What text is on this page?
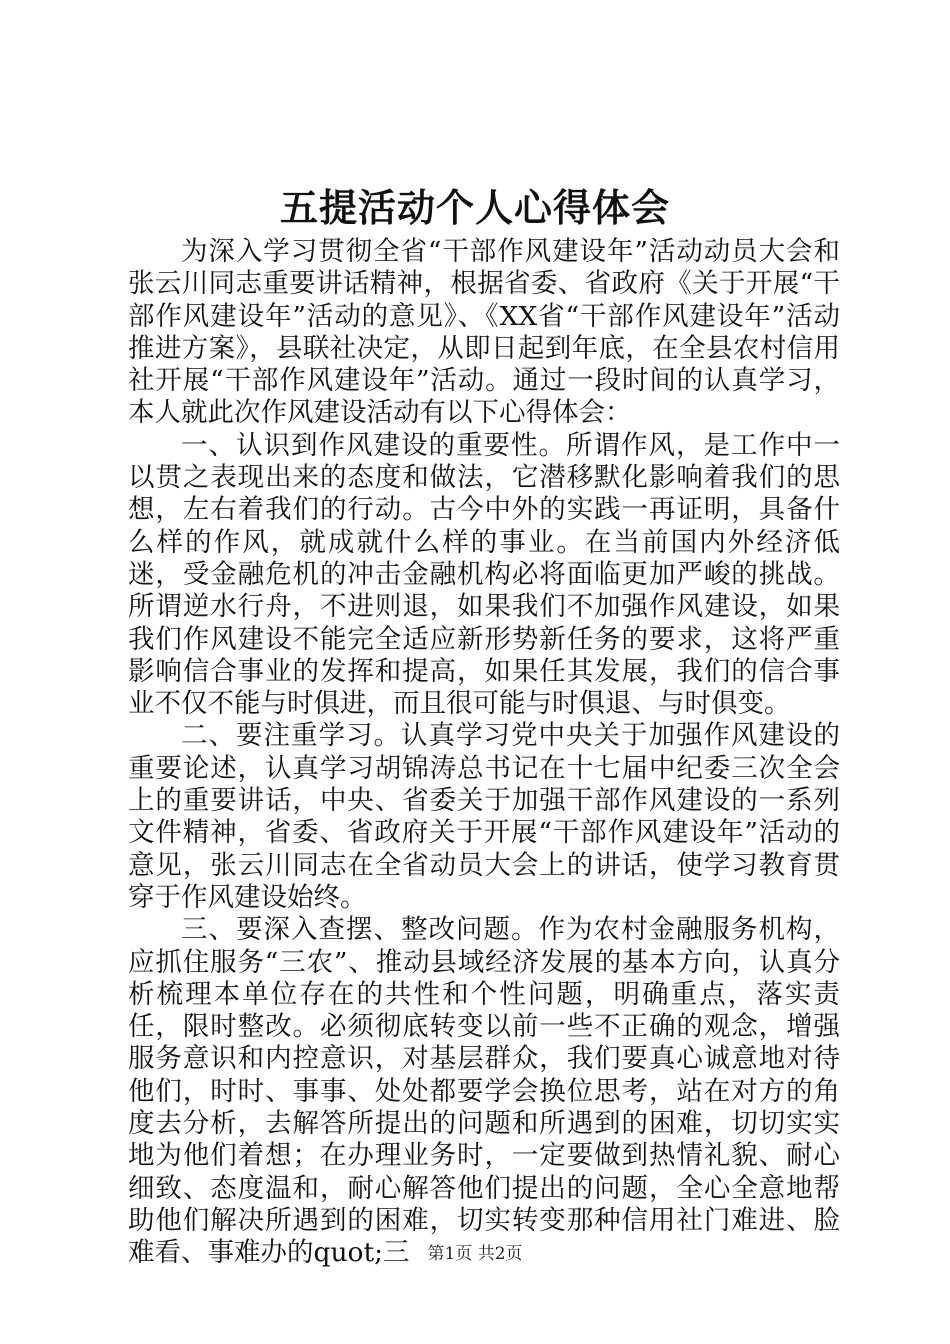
五提活动个人心得体会

为深入学习贯彻全省“干部作风建设年”活动动员大会和张云川同志重要讲话精神，根据省委、省政府《关于开展“干部作风建设年”活动的意见》、《XX省“干部作风建设年”活动推进方案》，县联社决定，从即日起到年底，在全县农村信用社开展“干部作风建设年”活动。通过一段时间的认真学习，本人就此次作风建设活动有以下心得体会：

一、认识到作风建设的重要性。所谓作风，是工作中一以贯之表现出来的态度和做法，它潜移默化影响着我们的思想，左右着我们的行动。古今中外的实践一再证明，具备什么样的作风，就成就什么样的事业。在当前国内外经济低迷，受金融危机的冲击金融机构必将面临更加严峻的挑战。所谓逆水行舟，不进则退，如果我们不加强作风建设，如果我们作风建设不能完全适应新形势新任务的要求，这将严重影响信合事业的发挥和提高，如果任其发展，我们的信合事业不仅不能与时俱进，而且很可能与时俱退、与时俱变。

二、要注重学习。认真学习党中央关于加强作风建设的重要论述，认真学习胡锦涛总书记在十七届中纪委三次全会上的重要讲话，中央、省委关于加强干部作风建设的一系列文件精神，省委、省政府关于开展“干部作风建设年”活动的意见，张云川同志在全省动员大会上的讲话，使学习教育贯穿于作风建设始终。

三、要深入查摆、整改问题。作为农村金融服务机构，应抓住服务“三农”、推动县域经济发展的基本方向，认真分析梳理本单位存在的共性和个性问题，明确重点，落实责任，限时整改。必须彻底转变以前一些不正确的观念，增强服务意识和内控意识，对基层群众，我们要真心诚意地对待他们，时时、事事、处处都要学会换位思考，站在对方的角度去分析，去解答所提出的问题和所遇到的困难，切切实实地为他们着想；在办理业务时，一定要做到热情礼貌、耐心细致、态度温和，耐心解答他们提出的问题，全心全意地帮助他们解决所遇到的困难，切实转变那种信用社门难进、脸难看、事难办的quot;三	第1页 共2页
